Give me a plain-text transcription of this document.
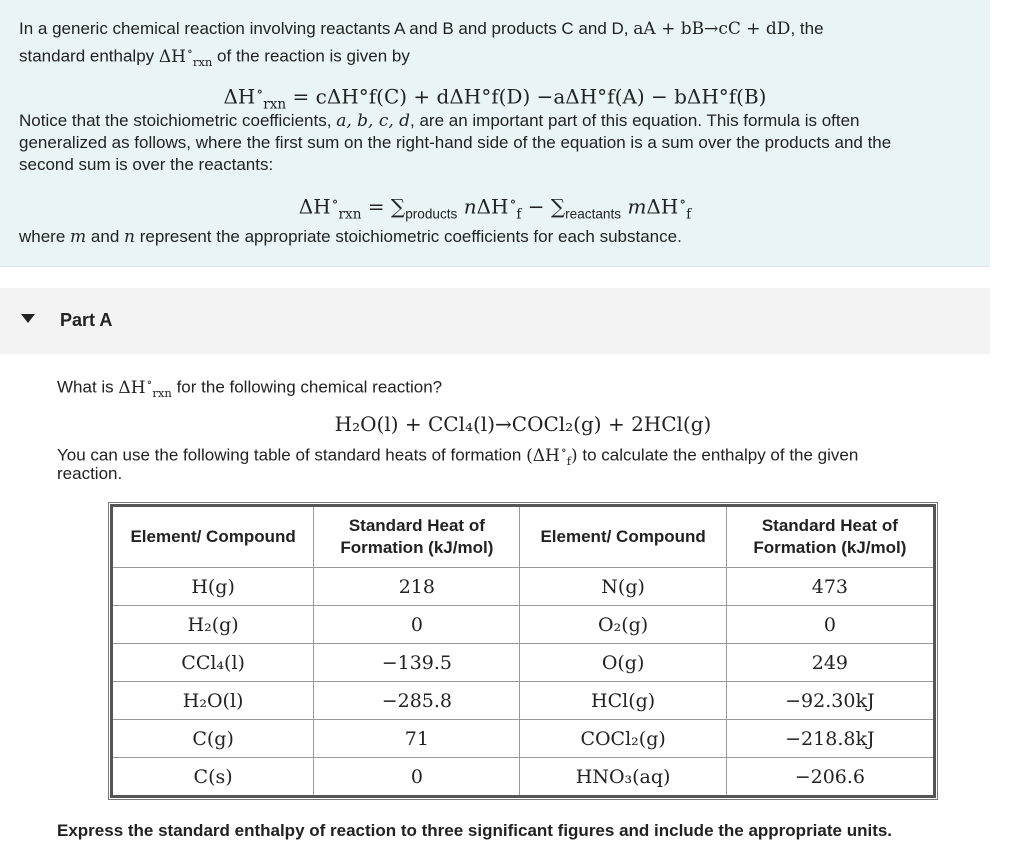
In a generic chemical reaction involving reactants A and B and products C and D, aA + bB→cC + dD, the

standard enthalpy $\Delta H^\circ_{rxn}$ of the reaction is given by

$\Delta H^\circ_{rxn} = c\Delta H^\circ f(C) + d\Delta H^\circ f(D) -a\Delta H^\circ f(A) - b\Delta H^\circ f(B)$

Notice that the stoichiometric coefficients, a, b, c, d, are an important part of this equation. This formula is often

generalized as follows, where the first sum on the right-hand side of the equation is a sum over the products and the

second sum is over the reactants:

$\Delta H^\circ_{rxn} = \sum_{products}$ $n\Delta H^\circ_f - \sum_{reactants}$ mΔH∘$_f$

where m and n represent the appropriate stoichiometric coefficients for each substance.

Part A

What is $\Delta H^\circ_{rxn}$ for the following chemical reaction?

H₂O(l) + CCl₄(l)→COCl₂(g) + 2HCl(g)

You can use the following table of standard heats of formation $(\Delta H^\circ_f)$ to calculate the enthalpy of the given

reaction.

Element/ Compound	Standard Heat of Formation (kJ/mol)	Element/ Compound	Standard Heat of Formation (kJ/mol)
H(g)	218	N(g)	473
H₂(g)	0	O₂(g)	0
CCl₄(l)	−139.5	O(g)	249
H₂O(l)	−285.8	HCl(g)	−92.30kJ
C(g)	71	COCl₂(g)	−218.8kJ
C(s)	0	HNO₃(aq)	−206.6

Express the standard enthalpy of reaction to three significant figures and include the appropriate units.
